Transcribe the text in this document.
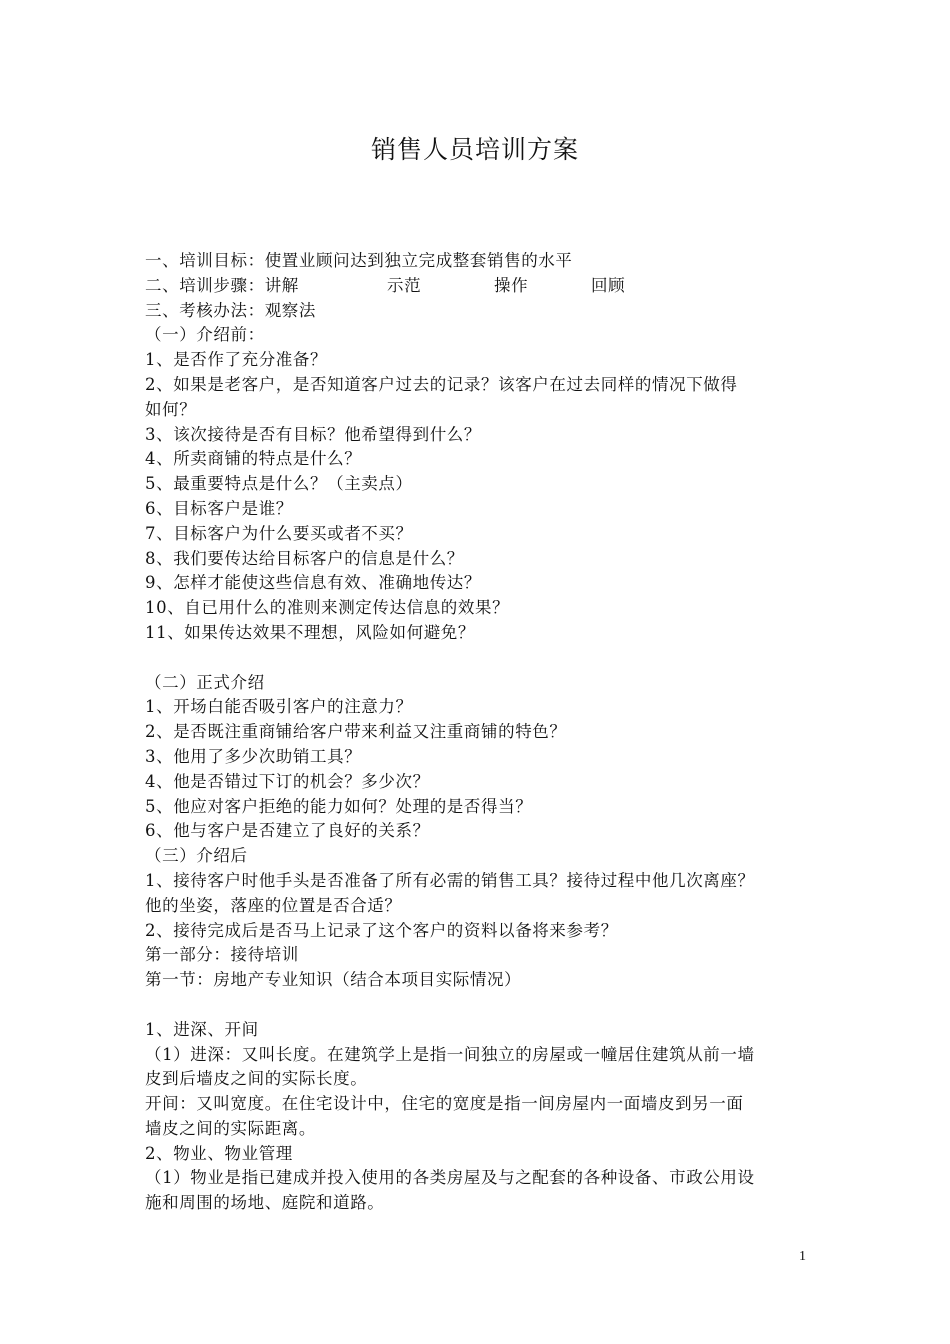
销售人员培训方案
一、培训目标：使置业顾问达到独立完成整套销售的水平
二、培训步骤：讲解	示范	操作	回顾
三、考核办法：观察法
（一）介绍前：
1、是否作了充分准备？
2、如果是老客户，是否知道客户过去的记录？该客户在过去同样的情况下做得
如何？
3、该次接待是否有目标？他希望得到什么？
4、所卖商铺的特点是什么？
5、最重要特点是什么？（主卖点）
6、目标客户是谁？
7、目标客户为什么要买或者不买？
8、我们要传达给目标客户的信息是什么？
9、怎样才能使这些信息有效、准确地传达？
10、自已用什么的准则来测定传达信息的效果？
11、如果传达效果不理想，风险如何避免？
（二）正式介绍
1、开场白能否吸引客户的注意力？
2、是否既注重商铺给客户带来利益又注重商铺的特色？
3、他用了多少次助销工具？
4、他是否错过下订的机会？多少次？
5、他应对客户拒绝的能力如何？处理的是否得当？
6、他与客户是否建立了良好的关系？
（三）介绍后
1、接待客户时他手头是否准备了所有必需的销售工具？接待过程中他几次离座？
他的坐姿，落座的位置是否合适？
2、接待完成后是否马上记录了这个客户的资料以备将来参考？
第一部分：接待培训
第一节：房地产专业知识（结合本项目实际情况）
1、进深、开间
（1）进深：又叫长度。在建筑学上是指一间独立的房屋或一幢居住建筑从前一墙
皮到后墙皮之间的实际长度。
开间：又叫宽度。在住宅设计中，住宅的宽度是指一间房屋内一面墙皮到另一面
墙皮之间的实际距离。
2、物业、物业管理
（1）物业是指已建成并投入使用的各类房屋及与之配套的各种设备、市政公用设
施和周围的场地、庭院和道路。
1
